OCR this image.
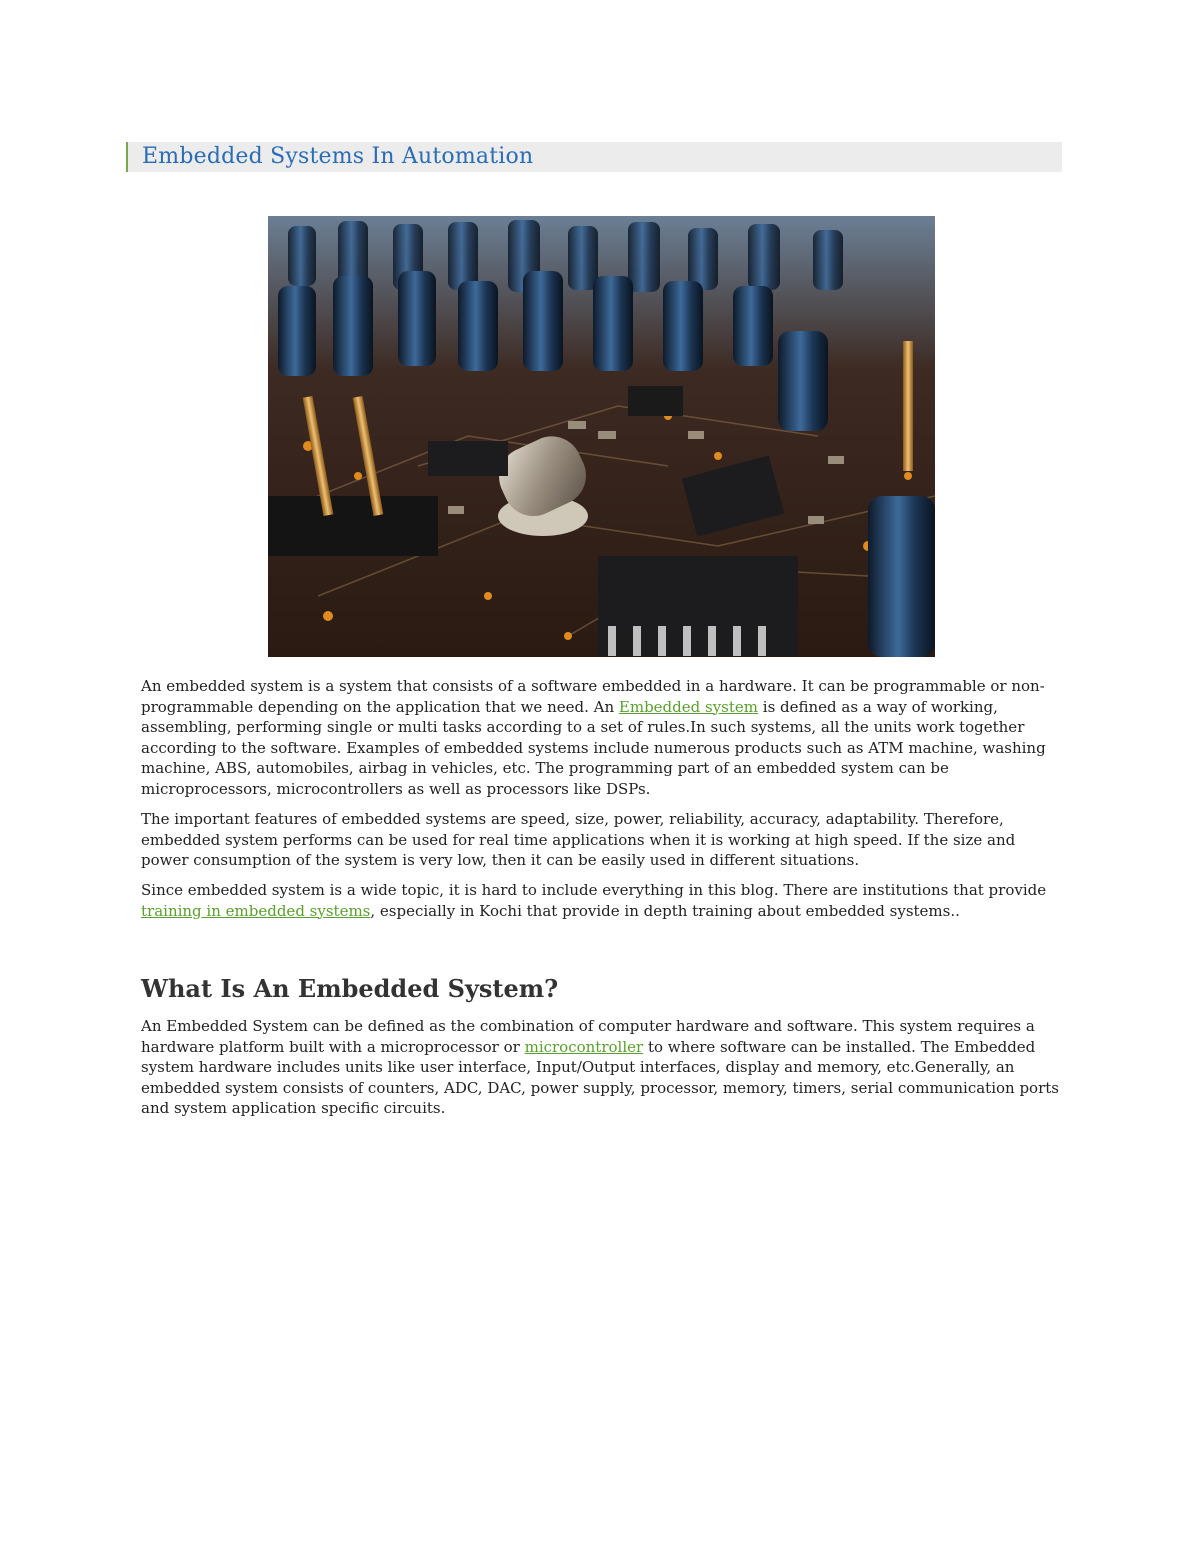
Embedded Systems In Automation

An embedded system is a system that consists of a software embedded in a hardware. It can be programmable or non-programmable depending on the application that we need. An Embedded system is defined as a way of working, assembling, performing single or multi tasks according to a set of rules.In such systems, all the units work together according to the software. Examples of embedded systems include numerous products such as ATM machine, washing machine, ABS, automobiles, airbag in vehicles, etc. The programming part of an embedded system can be microprocessors, microcontrollers as well as processors like DSPs.

The important features of embedded systems are speed, size, power, reliability, accuracy, adaptability. Therefore, embedded system performs can be used for real time applications when it is working at high speed. If the size and power consumption of the system is very low, then it can be easily used in different situations.

Since embedded system is a wide topic, it is hard to include everything in this blog. There are institutions that provide training in embedded systems, especially in Kochi that provide in depth training about embedded systems..

What Is An Embedded System?

An Embedded System can be defined as the combination of computer hardware and software. This system requires a hardware platform built with a microprocessor or microcontroller to where software can be installed. The Embedded system hardware includes units like user interface, Input/Output interfaces, display and memory, etc.Generally, an embedded system consists of counters, ADC, DAC, power supply, processor, memory, timers, serial communication ports and system application specific circuits.
